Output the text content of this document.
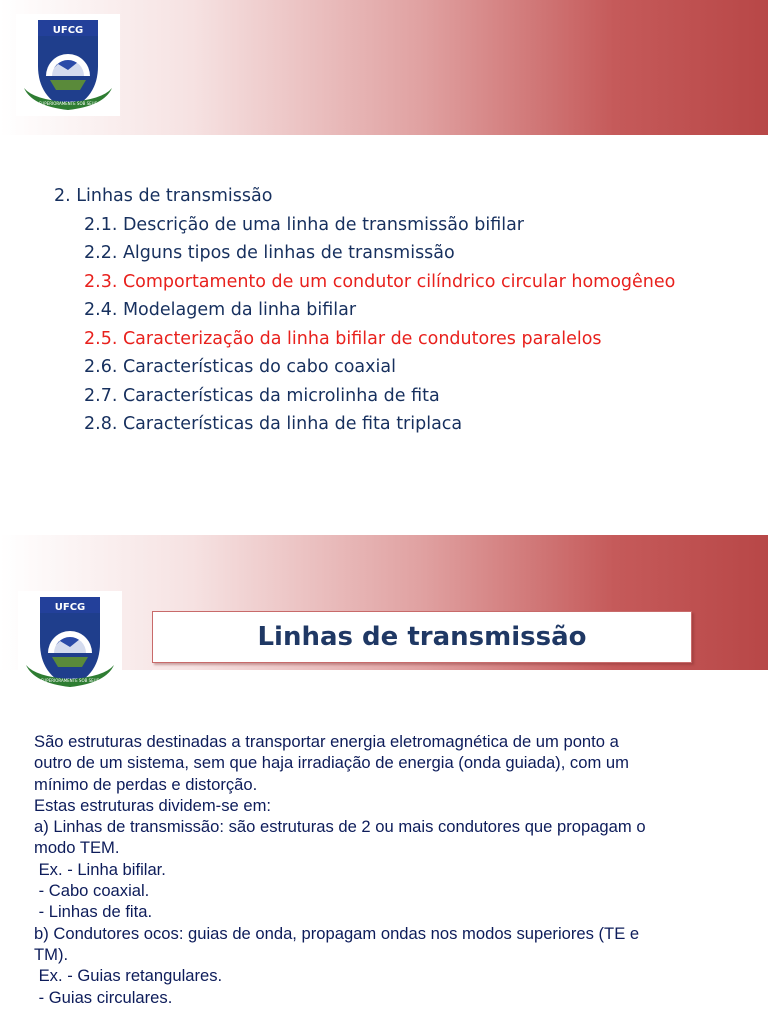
UFCG
SUPERIORAMENTE SOB SEUS
2. Linhas de transmissão
2.1. Descrição de uma linha de transmissão bifilar
2.2. Alguns tipos de linhas de transmissão
2.3. Comportamento de um condutor cilíndrico circular homogêneo
2.4. Modelagem da linha bifilar
2.5. Caracterização da linha bifilar de condutores paralelos
2.6. Características do cabo coaxial
2.7. Características da microlinha de fita
2.8. Características da linha de fita triplaca
UFCG
SUPERIORAMENTE SOB SEUS
Linhas de transmissão
São estruturas destinadas a transportar energia eletromagnética de um ponto a
outro de um sistema, sem que haja irradiação de energia (onda guiada), com um
mínimo de perdas e distorção.
Estas estruturas dividem-se em:
a) Linhas de transmissão: são estruturas de 2 ou mais condutores que propagam o
modo TEM.
Ex. - Linha bifilar.
- Cabo coaxial.
- Linhas de fita.
b) Condutores ocos: guias de onda, propagam ondas nos modos superiores (TE e
TM).
Ex. - Guias retangulares.
- Guias circulares.
